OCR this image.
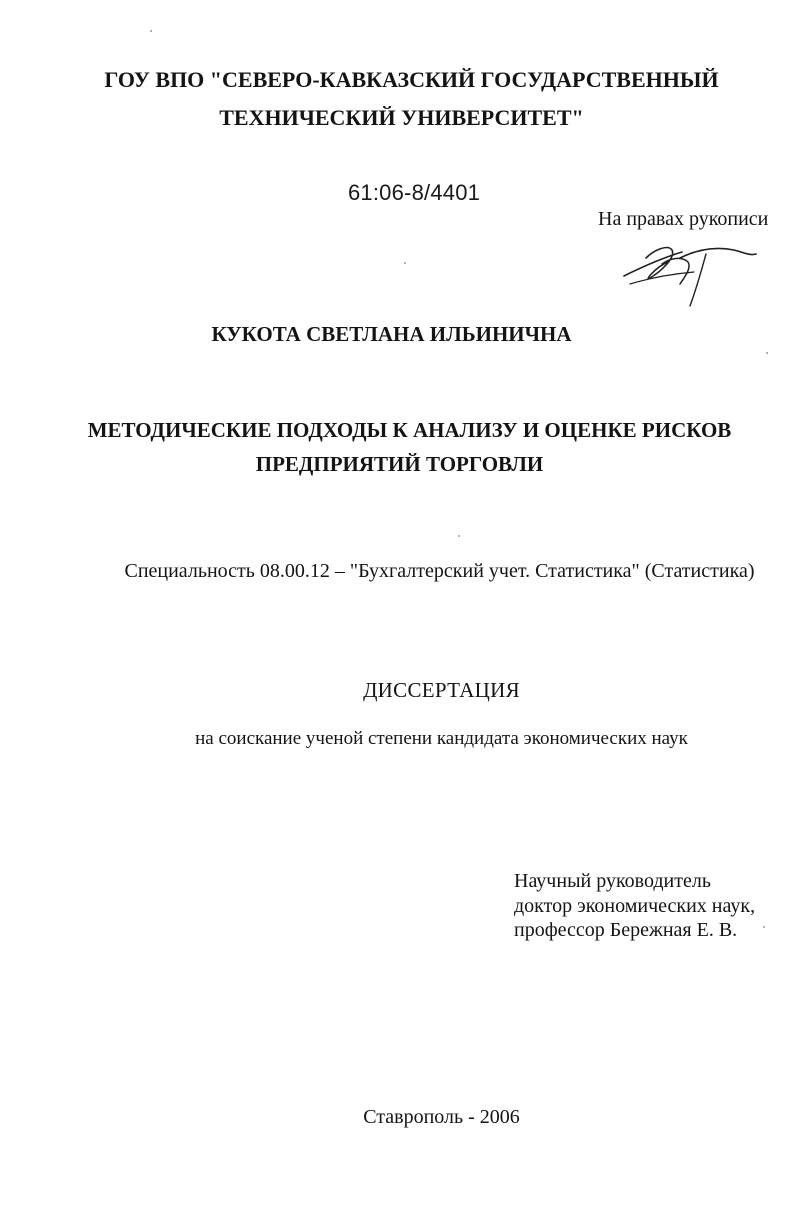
ГОУ ВПО "СЕВЕРО-КАВКАЗСКИЙ ГОСУДАРСТВЕННЫЙ
ТЕХНИЧЕСКИЙ УНИВЕРСИТЕТ"
61:06-8/4401
На правах рукописи
КУКОТА СВЕТЛАНА ИЛЬИНИЧНА
МЕТОДИЧЕСКИЕ ПОДХОДЫ К АНАЛИЗУ И ОЦЕНКЕ РИСКОВ
ПРЕДПРИЯТИЙ ТОРГОВЛИ
Специальность 08.00.12 – "Бухгалтерский учет. Статистика" (Статистика)
ДИССЕРТАЦИЯ
на соискание ученой степени кандидата экономических наук
Научный руководитель
доктор экономических наук,
профессор Бережная Е. В.
Ставрополь - 2006
